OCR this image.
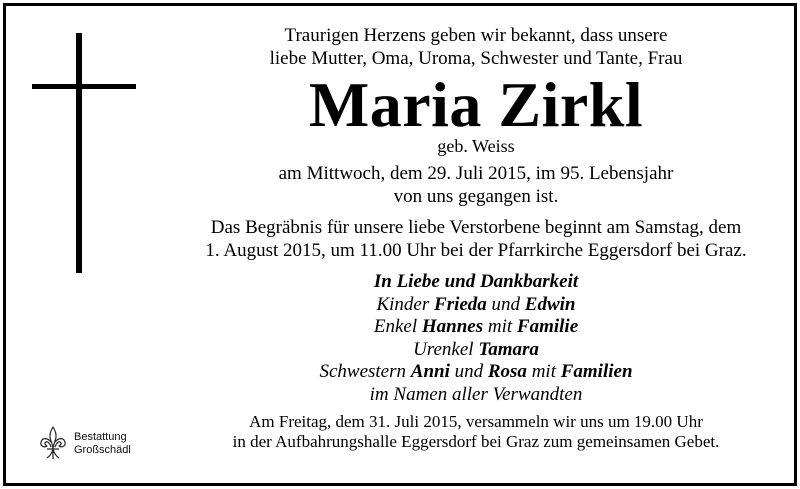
Traurigen Herzens geben wir bekannt, dass unsere
liebe Mutter, Oma, Uroma, Schwester und Tante, Frau

Maria Zirkl
geb. Weiss

am Mittwoch, dem 29. Juli 2015, im 95. Lebensjahr
von uns gegangen ist.

Das Begräbnis für unsere liebe Verstorbene beginnt am Samstag, dem
1. August 2015, um 11.00 Uhr bei der Pfarrkirche Eggersdorf bei Graz.

In Liebe und Dankbarkeit
Kinder Frieda und Edwin
Enkel Hannes mit Familie
Urenkel Tamara
Schwestern Anni und Rosa mit Familien
im Namen aller Verwandten

Am Freitag, dem 31. Juli 2015, versammeln wir uns um 19.00 Uhr
in der Aufbahrungshalle Eggersdorf bei Graz zum gemeinsamen Gebet.

Bestattung
Großschädl
